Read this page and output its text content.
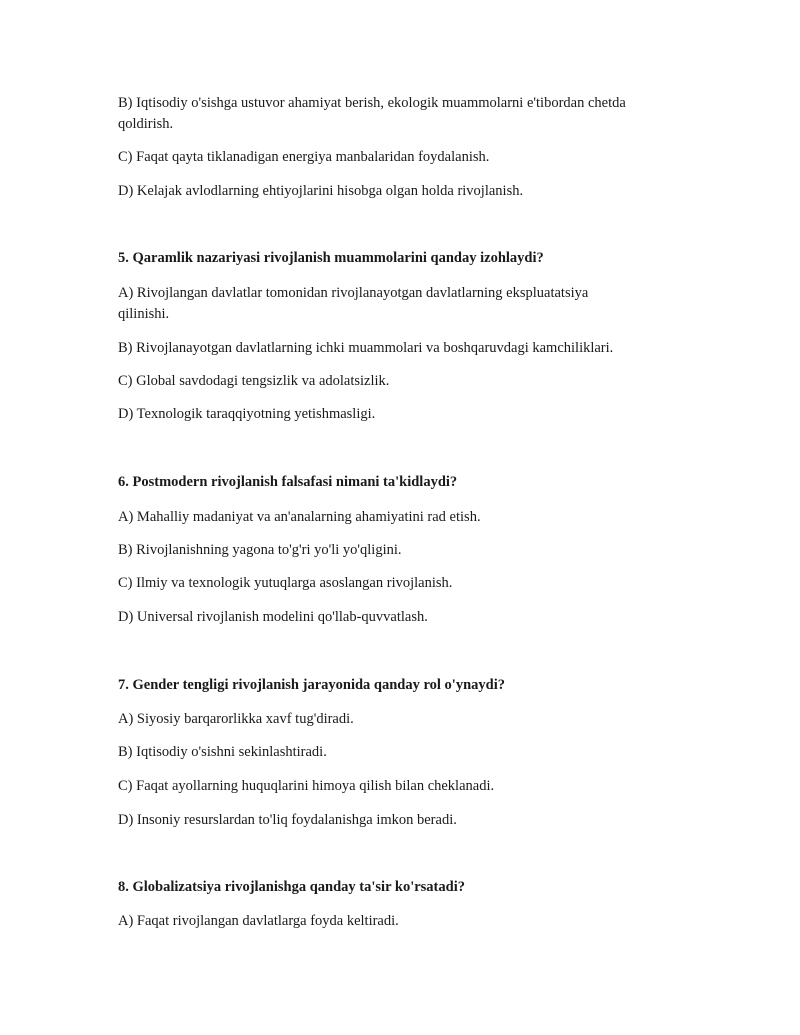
B) Iqtisodiy o'sishga ustuvor ahamiyat berish, ekologik muammolarni e'tibordan chetda
qoldirish.
C) Faqat qayta tiklanadigan energiya manbalaridan foydalanish.
D) Kelajak avlodlarning ehtiyojlarini hisobga olgan holda rivojlanish.
5. Qaramlik nazariyasi rivojlanish muammolarini qanday izohlaydi?
A) Rivojlangan davlatlar tomonidan rivojlanayotgan davlatlarning ekspluatatsiya
qilinishi.
B) Rivojlanayotgan davlatlarning ichki muammolari va boshqaruvdagi kamchiliklari.
C) Global savdodagi tengsizlik va adolatsizlik.
D) Texnologik taraqqiyotning yetishmasligi.
6. Postmodern rivojlanish falsafasi nimani ta'kidlaydi?
A) Mahalliy madaniyat va an'analarning ahamiyatini rad etish.
B) Rivojlanishning yagona to'g'ri yo'li yo'qligini.
C) Ilmiy va texnologik yutuqlarga asoslangan rivojlanish.
D) Universal rivojlanish modelini qo'llab-quvvatlash.
7. Gender tengligi rivojlanish jarayonida qanday rol o'ynaydi?
A) Siyosiy barqarorlikka xavf tug'diradi.
B) Iqtisodiy o'sishni sekinlashtiradi.
C) Faqat ayollarning huquqlarini himoya qilish bilan cheklanadi.
D) Insoniy resurslardan to'liq foydalanishga imkon beradi.
8. Globalizatsiya rivojlanishga qanday ta'sir ko'rsatadi?
A) Faqat rivojlangan davlatlarga foyda keltiradi.
